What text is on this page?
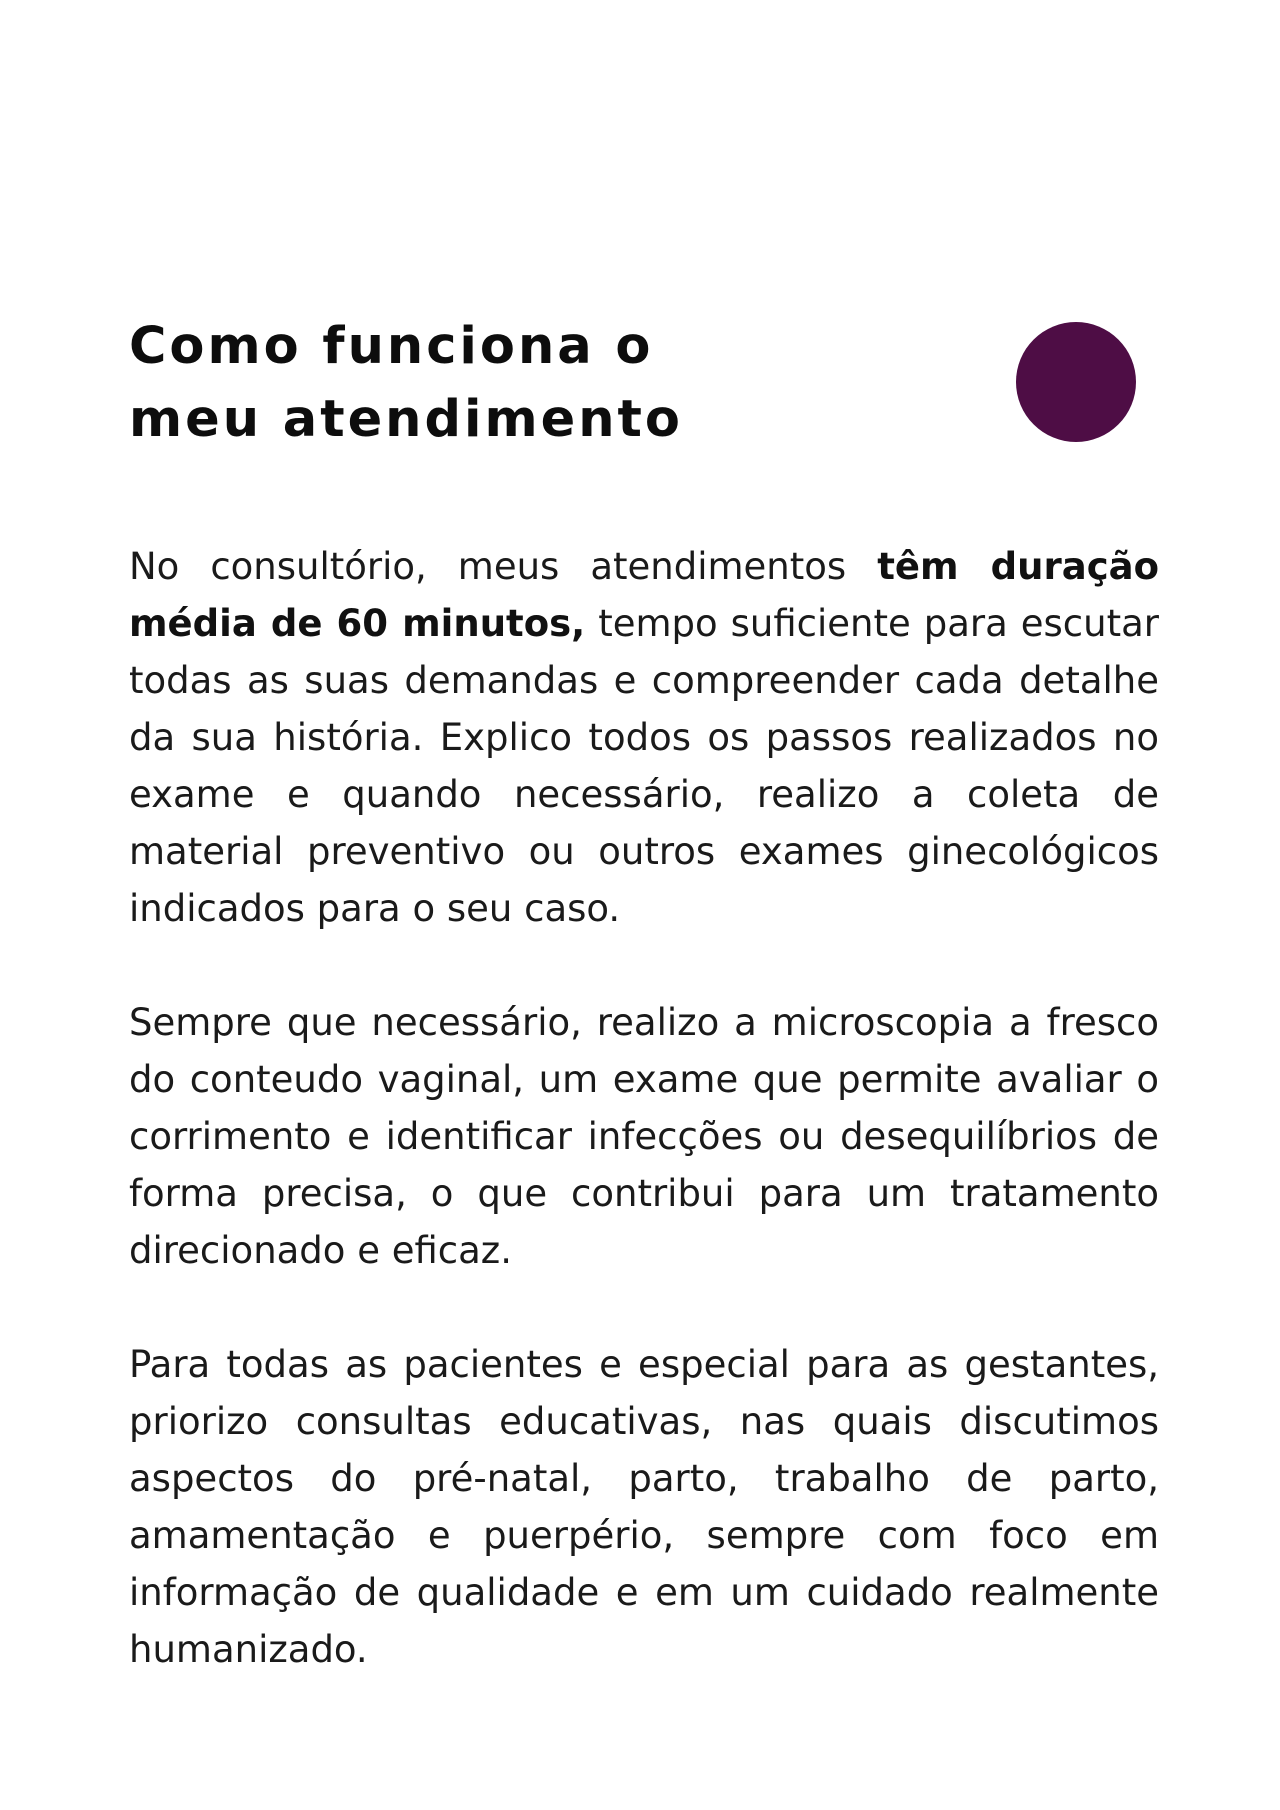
Como funciona o
meu atendimento

No consultório, meus atendimentos têm duração média de 60 minutos, tempo suficiente para escutar todas as suas demandas e compreender cada detalhe da sua história. Explico todos os passos realizados no exame e quando necessário, realizo a coleta de material preventivo ou outros exames ginecológicos indicados para o seu caso.

Sempre que necessário, realizo a microscopia a fresco do conteudo vaginal, um exame que permite avaliar o corrimento e identificar infecções ou desequilíbrios de forma precisa, o que contribui para um tratamento direcionado e eficaz.

Para todas as pacientes e especial para as gestantes, priorizo consultas educativas, nas quais discutimos aspectos do pré-natal, parto, trabalho de parto, amamentação e puerpério, sempre com foco em informação de qualidade e em um cuidado realmente humanizado.
